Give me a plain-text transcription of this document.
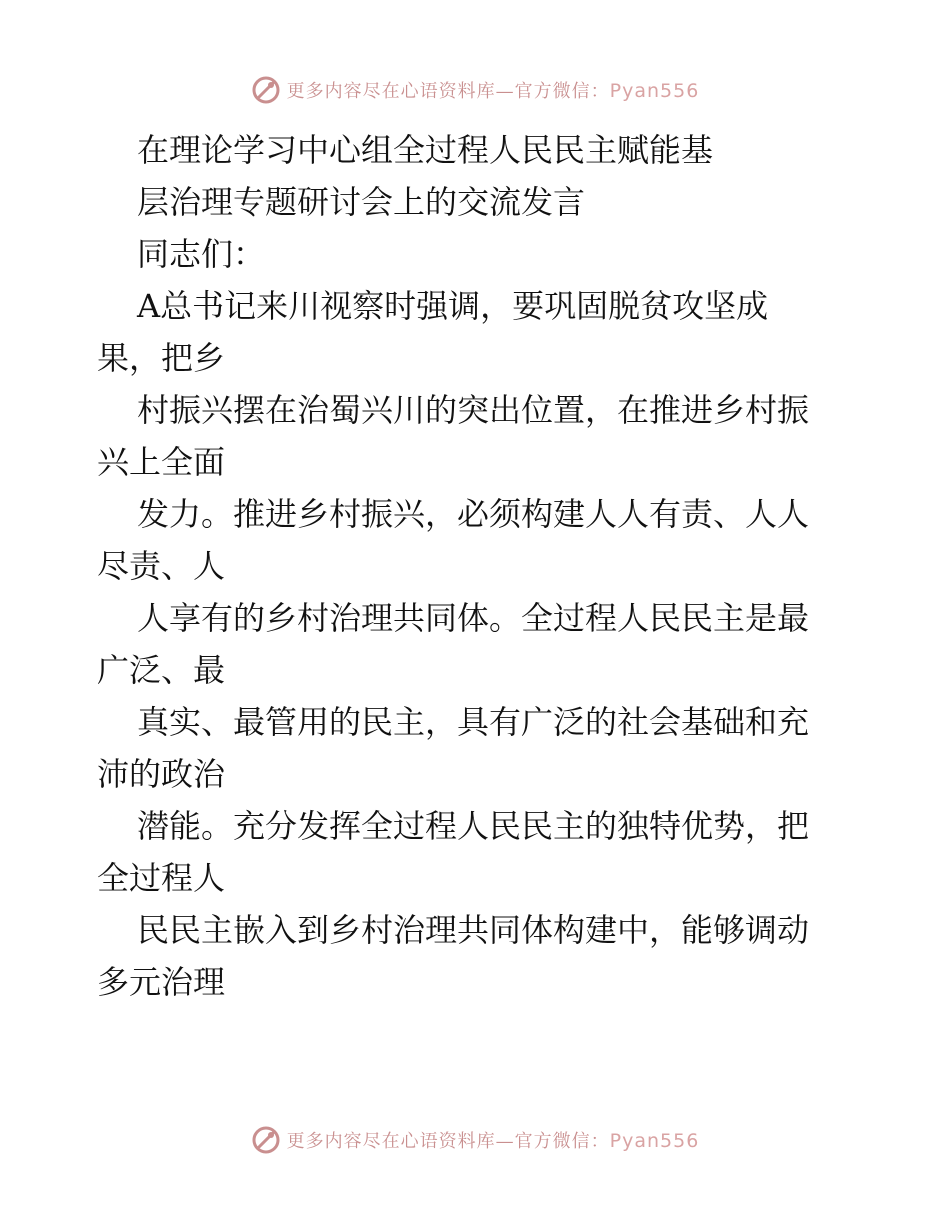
更多内容尽在心语资料库—官方微信：Pyan556
在理论学习中心组全过程人民民主赋能基
层治理专题研讨会上的交流发言
同志们：
A总书记来川视察时强调，要巩固脱贫攻坚成
果，把乡
村振兴摆在治蜀兴川的突出位置，在推进乡村振
兴上全面
发力。推进乡村振兴，必须构建人人有责、人人
尽责、人
人享有的乡村治理共同体。全过程人民民主是最
广泛、最
真实、最管用的民主，具有广泛的社会基础和充
沛的政治
潜能。充分发挥全过程人民民主的独特优势，把
全过程人
民民主嵌入到乡村治理共同体构建中，能够调动
多元治理
更多内容尽在心语资料库—官方微信：Pyan556
